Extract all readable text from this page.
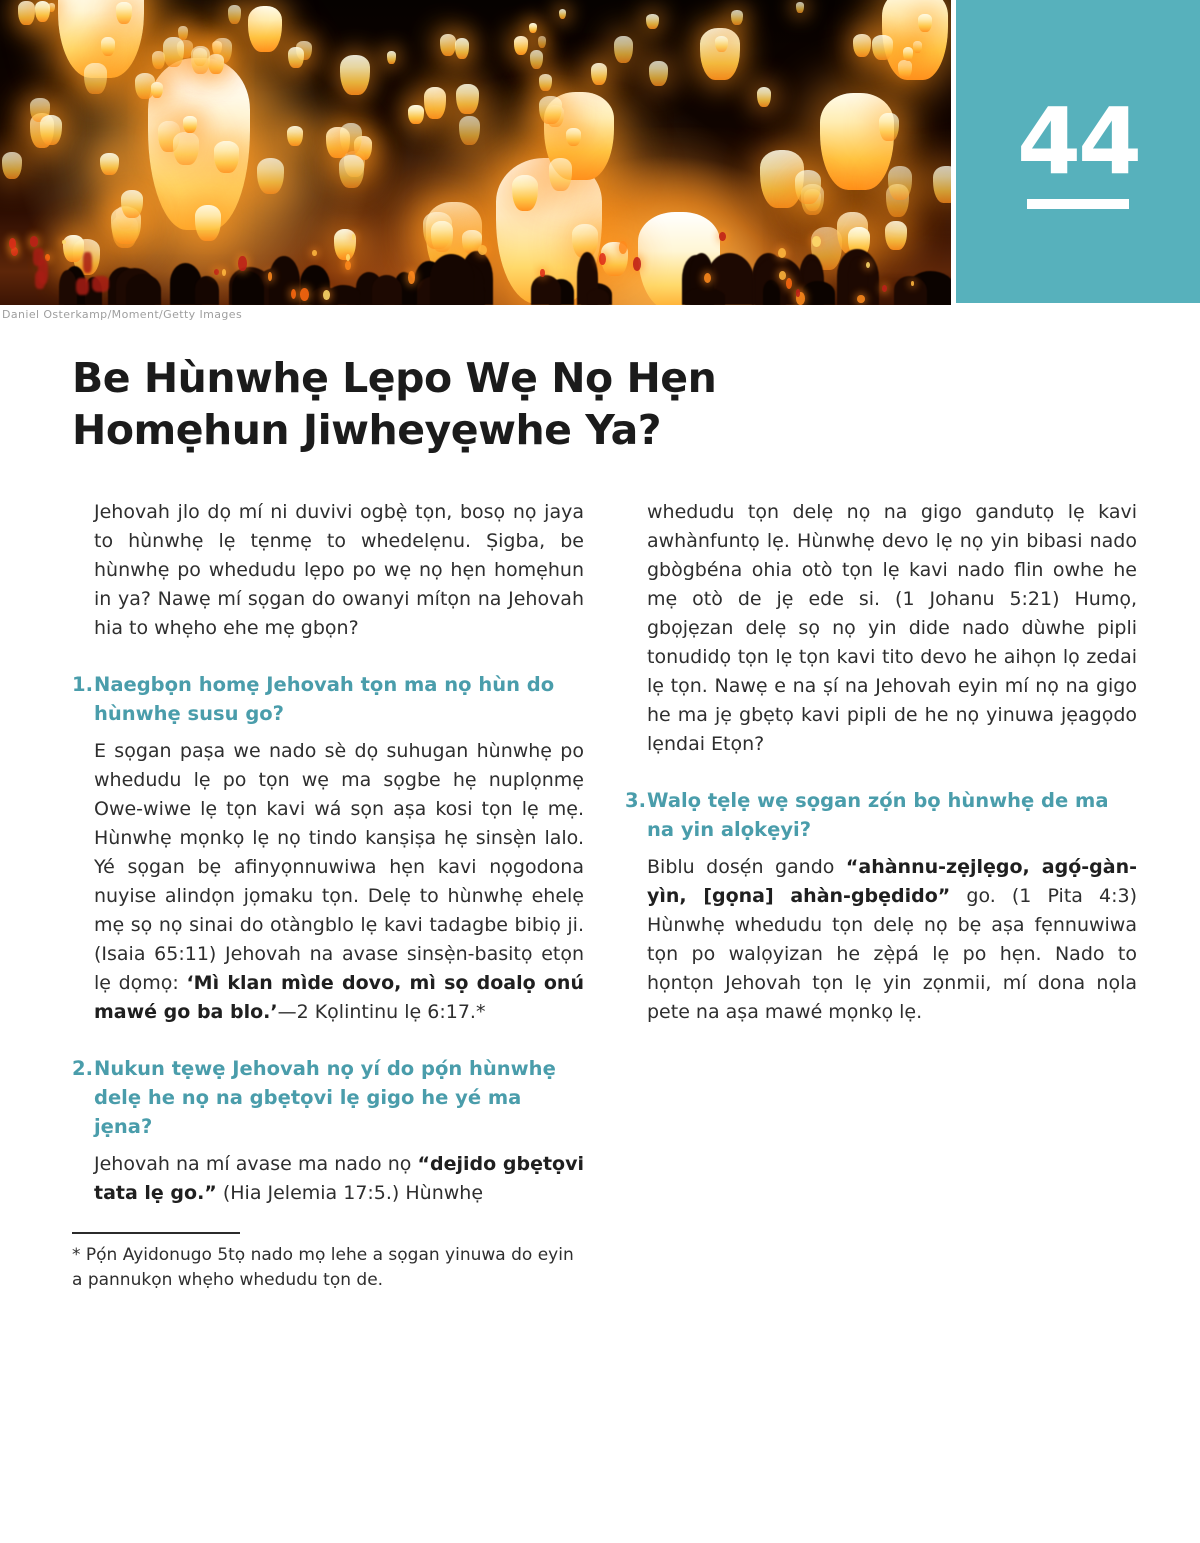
44
Daniel Osterkamp/Moment/Getty Images
Be Hùnwhẹ Lẹpo Wẹ Nọ Hẹn
Homẹhun Jiwheyẹwhe Ya?

Jehovah jlo dọ mí ni duvivi ogbẹ̀ tọn, bosọ nọ jaya to hùnwhẹ lẹ tẹnmẹ to whedelẹnu. Ṣigba, be hùnwhẹ po whedudu lẹpo po wẹ nọ hẹn homẹhun in ya? Nawẹ mí sọgan do owanyi mítọn na Jehovah hia to whẹho ehe mẹ gbọn?

1. Naegbọn homẹ Jehovah tọn ma nọ hùn do hùnwhẹ susu go?

E sọgan paṣa we nado sè dọ suhugan hùnwhẹ po whedudu lẹ po tọn wẹ ma sọgbe hẹ nuplọnmẹ Owe-wiwe lẹ tọn kavi wá sọn aṣa kosi tọn lẹ mẹ. Hùnwhẹ mọnkọ lẹ nọ tindo kanṣiṣa hẹ sinsẹ̀n lalo. Yé sọgan bẹ afinyọnnuwiwa hẹn kavi nọgodona nuyise alindọn jọmaku tọn. Delẹ to hùnwhẹ ehelẹ mẹ sọ nọ sinai do otàngblo lẹ kavi tadagbe bibiọ ji. (Isaia 65:11) Jehovah na avase sinsẹ̀n-basitọ etọn lẹ dọmọ: ‘Mì klan mìde dovo, mì sọ doalọ onú mawé go ba blo.’—2 Kọlintinu lẹ 6:17.*

2. Nukun tẹwẹ Jehovah nọ yí do pọ́n hùnwhẹ delẹ he nọ na gbẹtọvi lẹ gigo he yé ma jẹna?

Jehovah na mí avase ma nado nọ “dejido gbẹtọvi tata lẹ go.” (Hia Jelemia 17:5.) Hùnwhẹ

* Pọ́n Ayidonugo 5tọ nado mọ lehe a sọgan yinuwa do eyin a pannukọn whẹho whedudu tọn de.

whedudu tọn delẹ nọ na gigo gandutọ lẹ kavi awhànfuntọ lẹ. Hùnwhẹ devo lẹ nọ yin bibasi nado gbògbéna ohia otò tọn lẹ kavi nado flin owhe he mẹ otò de jẹ ede si. (1 Johanu 5:21) Humọ, gbọjẹzan delẹ sọ nọ yin dide nado dùwhe pipli tonudidọ tọn lẹ tọn kavi tito devo he aihọn lọ zedai lẹ tọn. Nawẹ e na ṣí na Jehovah eyin mí nọ na gigo he ma jẹ gbẹtọ kavi pipli de he nọ yinuwa jẹagọdo lẹndai Etọn?

3. Walọ tẹlẹ wẹ sọgan zọ́n bọ hùnwhẹ de ma na yin alọkẹyi?

Biblu dosẹ́n gando “ahànnu-zẹjlẹgo, agọ́-gàn-yìn, [gọna] ahàn-gbẹdido” go. (1 Pita 4:3) Hùnwhẹ whedudu tọn delẹ nọ bẹ aṣa fẹnnuwiwa tọn po walọyizan he zẹ̀pá lẹ po hẹn. Nado to họntọn Jehovah tọn lẹ yin zọnmii, mí dona nọla pete na aṣa mawé mọnkọ lẹ.
